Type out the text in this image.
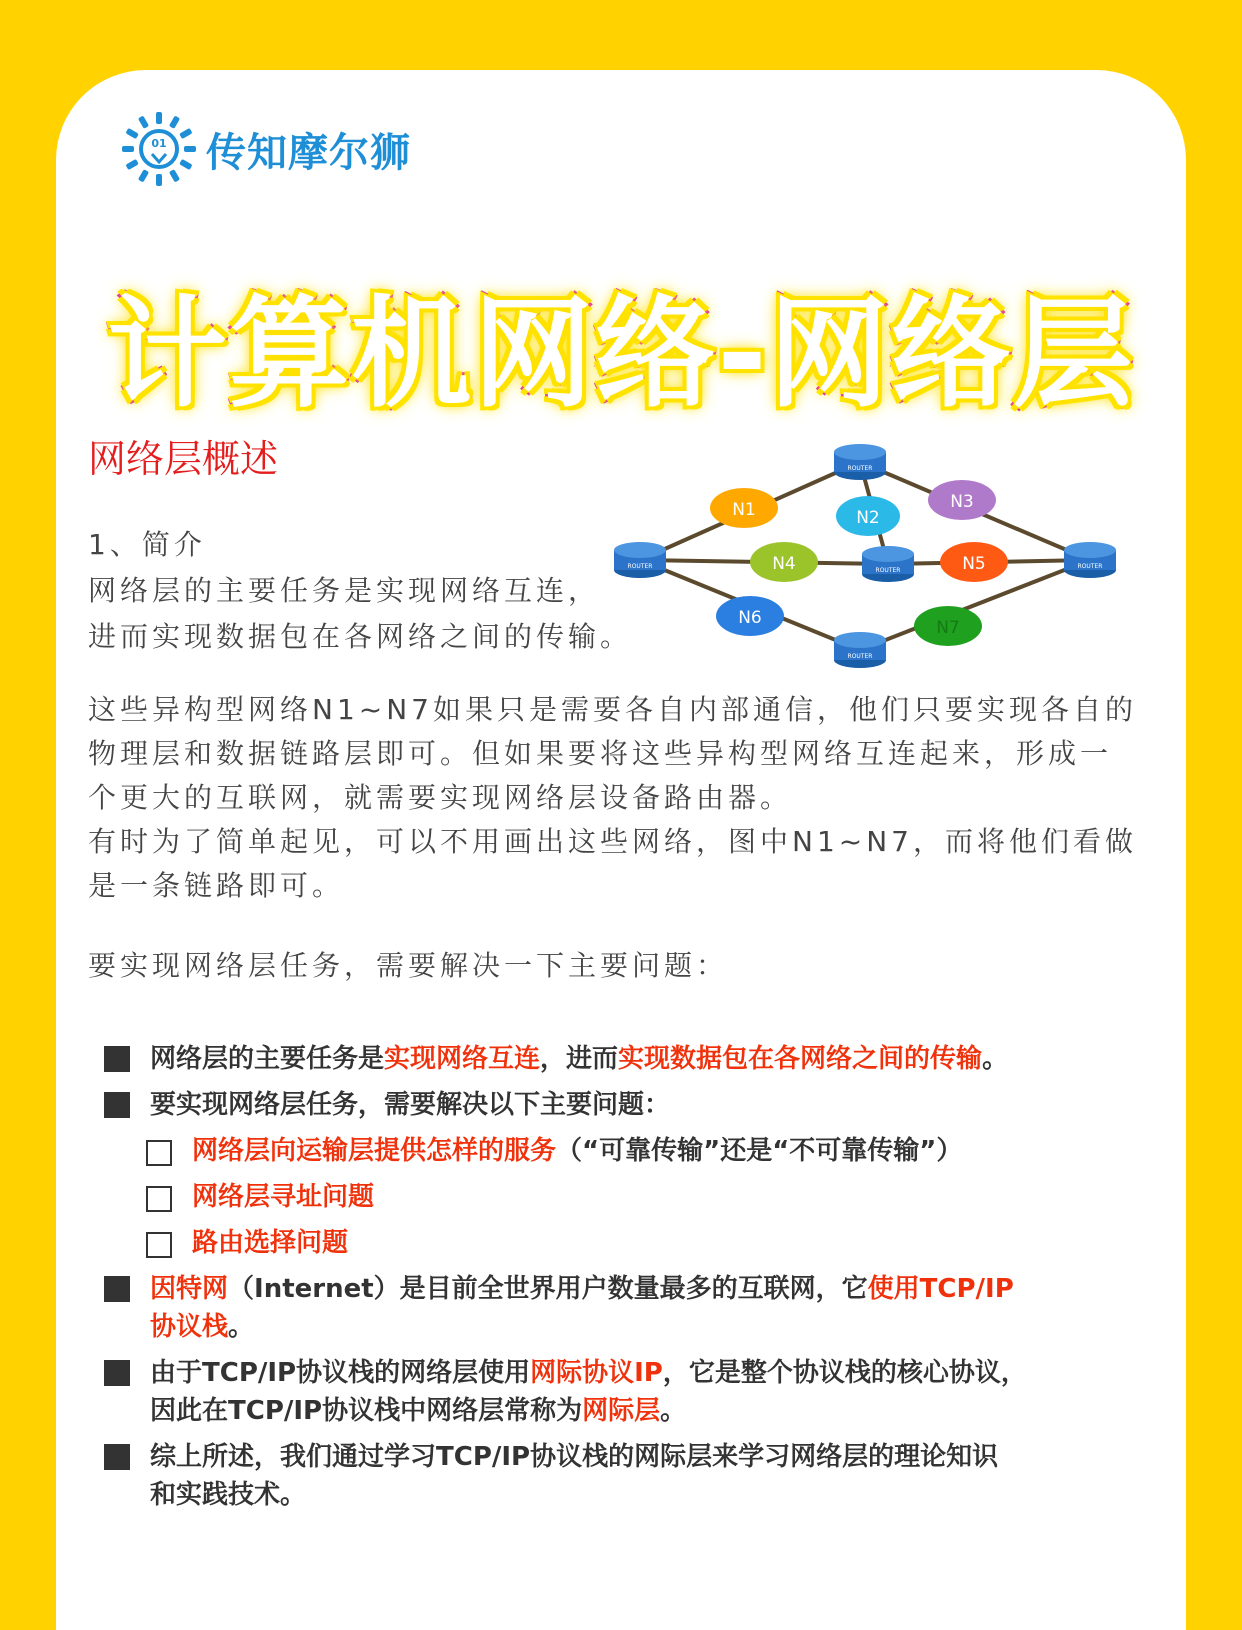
01 传知摩尔狮
计算机网络-网络层
网络层概述
1、简介
网络层的主要任务是实现网络互连，
进而实现数据包在各网络之间的传输。
ROUTER
ROUTER
ROUTER
ROUTER
ROUTER
N1	N2
N3
N4	N5
N6	N7

这些异构型网络N1~N7如果只是需要各自内部通信，他们只要实现各自的

物理层和数据链路层即可。但如果要将这些异构型网络互连起来，形成一

个更大的互联网，就需要实现网络层设备路由器。

有时为了简单起见，可以不用画出这些网络，图中N1~N7，而将他们看做

是一条链路即可。

要实现网络层任务，需要解决一下主要问题：

网络层的主要任务是实现网络互连，进而实现数据包在各网络之间的传输。
要实现网络层任务，需要解决以下主要问题：
网络层向运输层提供怎样的服务（“可靠传输”还是“不可靠传输”）
网络层寻址问题
路由选择问题
因特网（Internet）是目前全世界用户数量最多的互联网，它使用TCP/IP
协议栈。
由于TCP/IP协议栈的网络层使用网际协议IP，它是整个协议栈的核心协议，
因此在TCP/IP协议栈中网络层常称为网际层。
综上所述，我们通过学习TCP/IP协议栈的网际层来学习网络层的理论知识
和实践技术。
